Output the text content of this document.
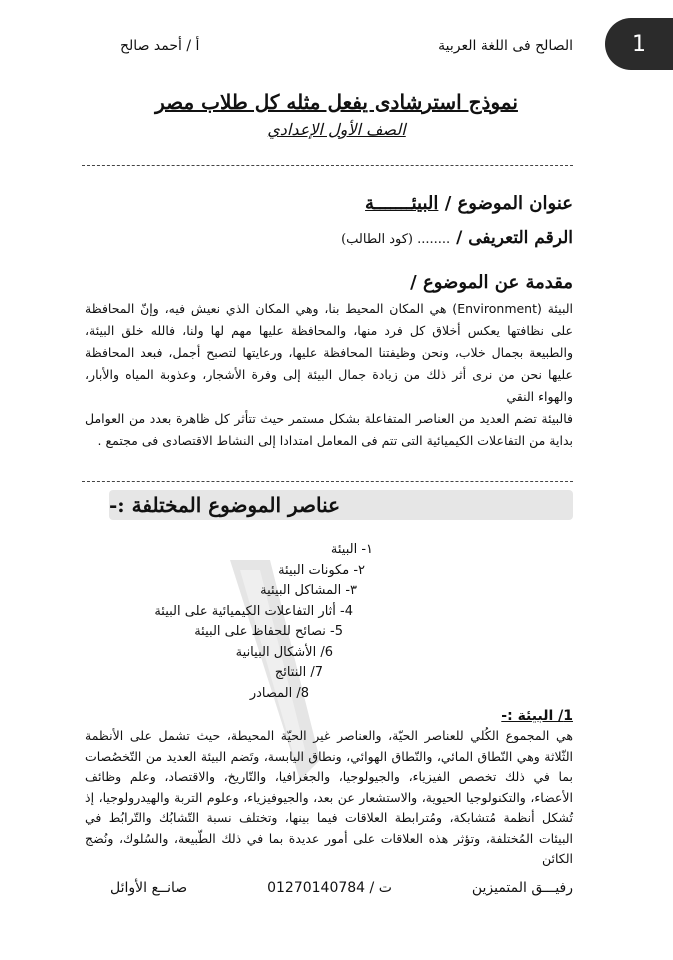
1
الصالح فى اللغة العربية
أ / أحمد صالح
نموذج استرشادى يفعل مثله كل طلاب مصر
الصف الأول الإعدادي
عنوان الموضوع / البيئـــــــة
الرقم التعريفى / ........ (كود الطالب)
مقدمة عن الموضوع /

البيئة (Environment) هي المكان المحيط بنا، وهي المكان الذي نعيش فيه، وإنّ المحافظة على نظافتها يعكس أخلاق كل فرد منها، والمحافظة عليها مهم لها ولنا، فالله خلق البيئة، والطبيعة بجمال خلاب، ونحن وظيفتنا المحافظة عليها، ورعايتها لتصبح أجمل، فبعد المحافظة عليها نحن من نرى أثر ذلك من زيادة جمال البيئة إلى وفرة الأشجار، وعذوبة المياه والأبار، والهواء النقي

فالبيئة تضم العديد من العناصر المتفاعلة بشكل مستمر حيث تتأثر كل ظاهرة بعدد من العوامل بداية من التفاعلات الكيميائية التى تتم فى المعامل امتدادا إلى النشاط الاقتصادى فى مجتمع .

عناصر الموضوع المختلفة :-
١- البيئة
٢- مكونات البيئة
٣- المشاكل البيئية
4- أثار التفاعلات الكيميائية على البيئة
5- نصائح للحفاظ على البيئة
6/ الأشكال البيانية
7/ النتائج
8/ المصادر
1/ البيئة :-

هي المجموع الكُلي للعناصر الحيّة، والعناصر غير الحيّة المحيطة، حيث تشمل على الأنظمة الثّلاثة وهي النّطاق المائي، والنّطاق الهوائي، ونطاق اليابسة، وتَضم البيئة العديد من التّخصُصات بما في ذلك تخصص الفيزياء، والجيولوجيا، والجغرافيا، والتّاريخ، والاقتصاد، وعلم وظائف الأعضاء، والتكنولوجيا الحيوية، والاستشعار عن بعد، والجيوفيزياء، وعلوم التربة والهيدرولوجيا، إذ تُشكل أنظمة مُتشابكة، ومُترابطة العلاقات فيما بينها، وتختلف نسبة التّشابُك والتّرابُط في البيئات المُختلفة، وتؤثر هذه العلاقات على أمور عديدة بما في ذلك الطّبيعة، والسُلوك، ونُضج الكائن

رفيـــق المتميزين
ت / 01270140784
صانــع الأوائل
